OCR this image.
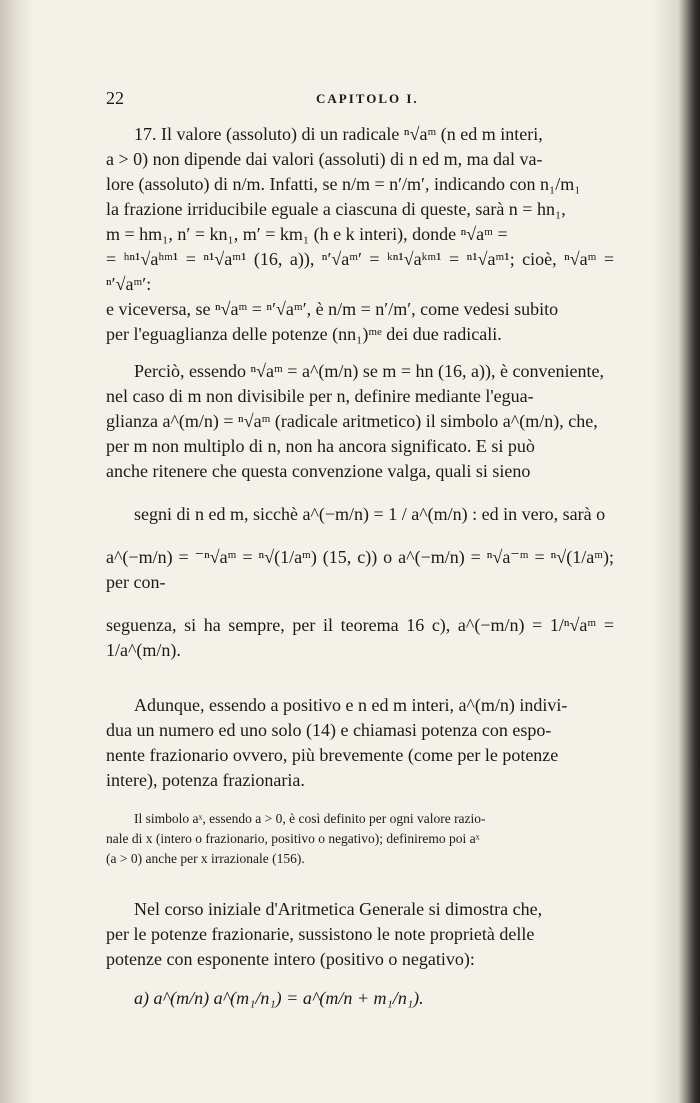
22	CAPITOLO I.

17. Il valore (assoluto) di un radicale ⁿ√aᵐ (n ed m interi,

a > 0) non dipende dai valori (assoluti) di n ed m, ma dal va-

lore (assoluto) di n/m. Infatti, se n/m = n′/m′, indicando con n₁/m₁

la frazione irriducibile eguale a ciascuna di queste, sarà n = hn₁,

m = hm₁, n′ = kn₁, m′ = km₁ (h e k interi), donde ⁿ√aᵐ =

= ʰⁿ¹√aʰᵐ¹ = ⁿ¹√aᵐ¹ (16, a)), ⁿ′√aᵐ′ = ᵏⁿ¹√aᵏᵐ¹ = ⁿ¹√aᵐ¹; cioè, ⁿ√aᵐ = ⁿ′√aᵐ′:

e viceversa, se ⁿ√aᵐ = ⁿ′√aᵐ′, è n/m = n′/m′, come vedesi subito

per l'eguaglianza delle potenze (nn₁)ᵐᵉ dei due radicali.

Perciò, essendo ⁿ√aᵐ = a^(m/n) se m = hn (16, a)), è conveniente,

nel caso di m non divisibile per n, definire mediante l'egua-

glianza a^(m/n) = ⁿ√aᵐ (radicale aritmetico) il simbolo a^(m/n), che,

per m non multiplo di n, non ha ancora significato. E si può

anche ritenere che questa convenzione valga, quali si sieno

segni di n ed m, sicchè a^(−m/n) = 1 / a^(m/n) : ed in vero, sarà o

a^(−m/n) = ⁻ⁿ√aᵐ = ⁿ√(1/aᵐ) (15, c)) o a^(−m/n) = ⁿ√a⁻ᵐ = ⁿ√(1/aᵐ); per con-

seguenza, si ha sempre, per il teorema 16 c), a^(−m/n) = 1/ⁿ√aᵐ = 1/a^(m/n).

Adunque, essendo a positivo e n ed m interi, a^(m/n) indivi-

dua un numero ed uno solo (14) e chiamasi potenza con espo-

nente frazionario ovvero, più brevemente (come per le potenze

intere), potenza frazionaria.

Il simbolo aˣ, essendo a > 0, è così definito per ogni valore razio-

nale di x (intero o frazionario, positivo o negativo); definiremo poi aˣ

(a > 0) anche per x irrazionale (156).

Nel corso iniziale d'Aritmetica Generale si dimostra che,

per le potenze frazionarie, sussistono le note proprietà delle

potenze con esponente intero (positivo o negativo):

a) a^(m/n) a^(m₁/n₁) = a^(m/n + m₁/n₁).
